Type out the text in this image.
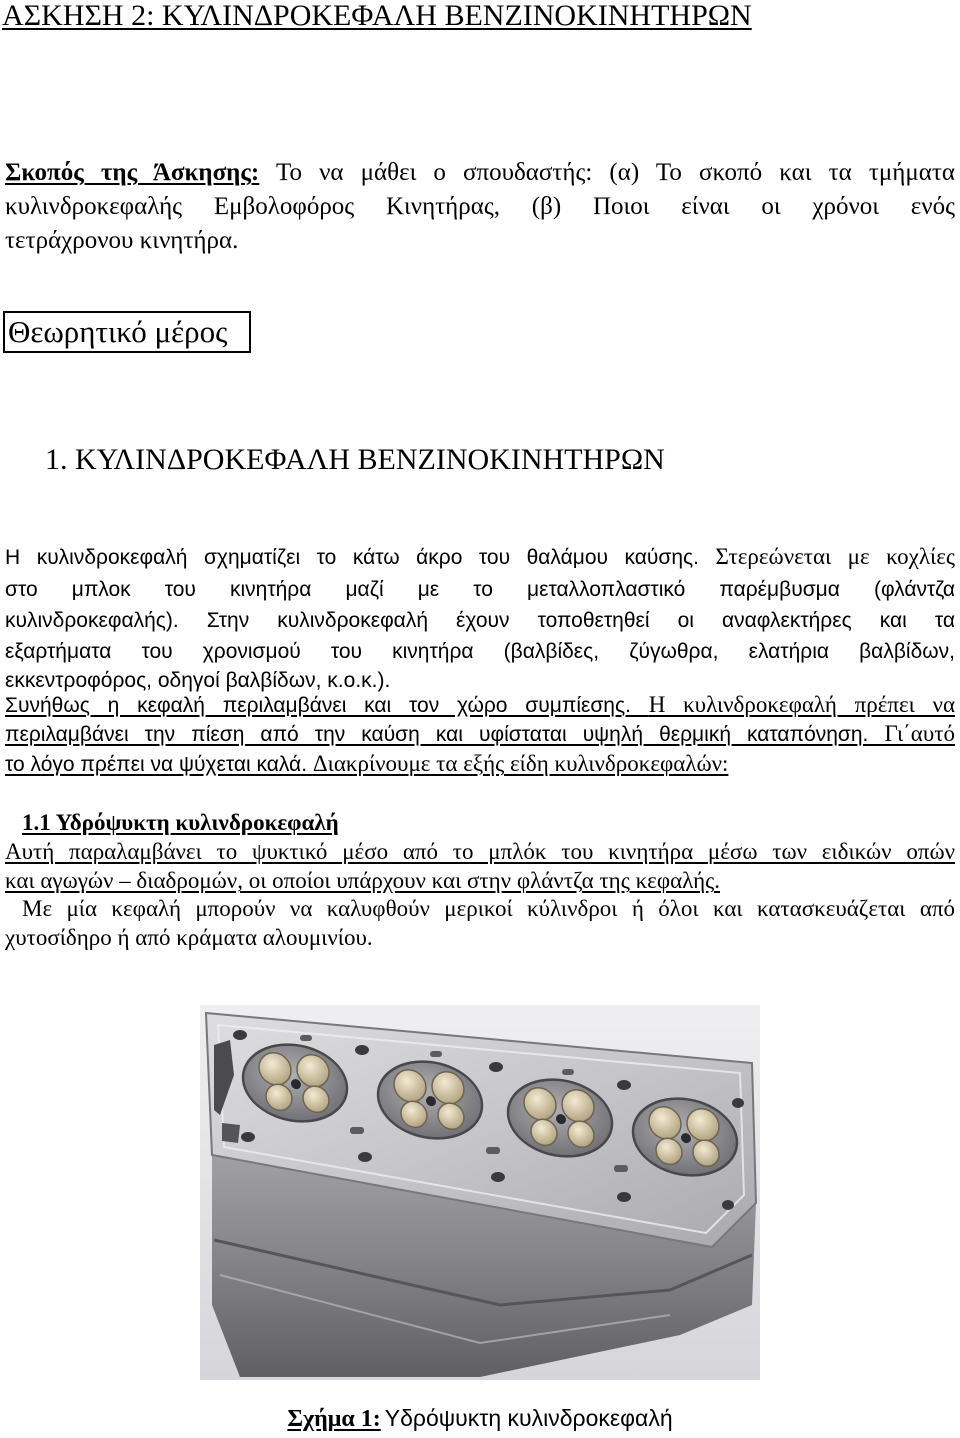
ΑΣΚΗΣΗ 2: ΚΥΛΙΝΔΡΟΚΕΦΑΛΗ ΒΕΝΖΙΝΟΚΙΝΗΤΗΡΩΝ
Σκοπός της Άσκησης: Το να μάθει ο σπουδαστής: (α) Το σκοπό και τα τμήματα
κυλινδροκεφαλής Εμβολοφόρος Κινητήρας, (β) Ποιοι είναι οι χρόνοι ενός
τετράχρονου κινητήρα.
Θεωρητικό μέρος
1. ΚΥΛΙΝΔΡΟΚΕΦΑΛΗ ΒΕΝΖΙΝΟΚΙΝΗΤΗΡΩΝ
Η κυλινδροκεφαλή σχηματίζει το κάτω άκρο του θαλάμου καύσης. Στερεώνεται με κοχλίες
στο μπλοκ του κινητήρα μαζί με το μεταλλοπλαστικό παρέμβυσμα (φλάντζα
κυλινδροκεφαλής). Στην κυλινδροκεφαλή έχουν τοποθετηθεί οι αναφλεκτήρες και τα
εξαρτήματα του χρονισμού του κινητήρα (βαλβίδες, ζύγωθρα, ελατήρια βαλβίδων,
εκκεντροφόρος, οδηγοί βαλβίδων, κ.ο.κ.).
Συνήθως η κεφαλή περιλαμβάνει και τον χώρο συμπίεσης. Η κυλινδροκεφαλή πρέπει να
περιλαμβάνει την πίεση από την καύση και υφίσταται υψηλή θερμική καταπόνηση. Γι΄αυτό
το λόγο πρέπει να ψύχεται καλά. Διακρίνουμε τα εξής είδη κυλινδροκεφαλών:
1.1 Υδρόψυκτη κυλινδροκεφαλή
Αυτή παραλαμβάνει το ψυκτικό μέσο από το μπλόκ του κινητήρα μέσω των ειδικών οπών
και αγωγών – διαδρομών, οι οποίοι υπάρχουν και στην φλάντζα της κεφαλής.
Με μία κεφαλή μπορούν να καλυφθούν μερικοί κύλινδροι ή όλοι και κατασκευάζεται από
χυτοσίδηρο ή από κράματα αλουμινίου.
Σχήμα 1: Υδρόψυκτη κυλινδροκεφαλή
